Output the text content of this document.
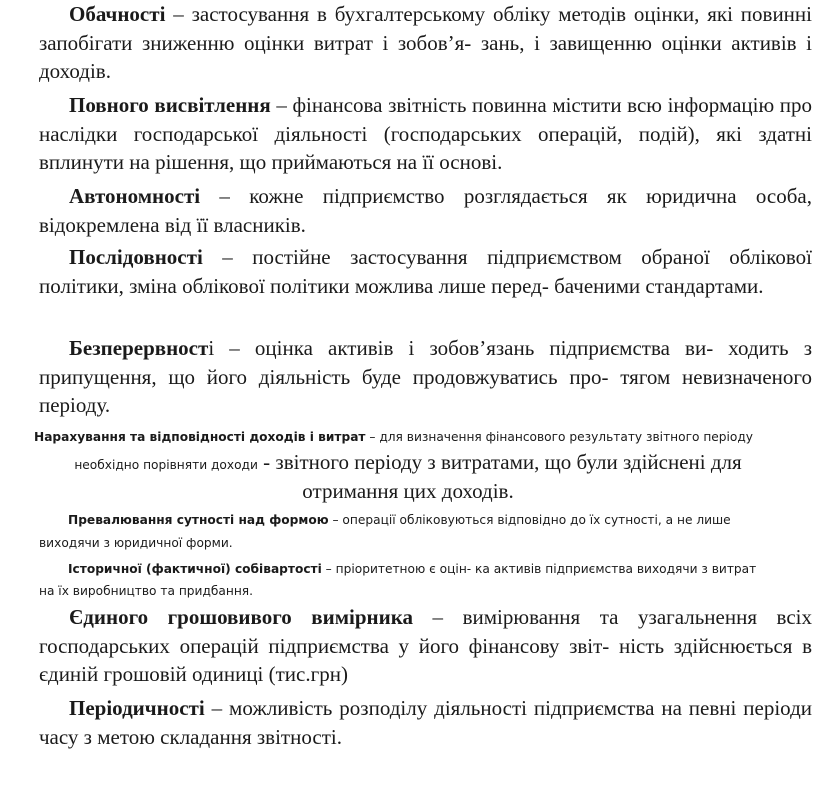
Обачності – застосування в бухгалтерському обліку методів оцінки, які повинні запобігати зниженню оцінки витрат і зобов’я- зань, і завищенню оцінки активів і доходів.

Повного висвітлення – фінансова звітність повинна містити всю інформацію про наслідки господарської діяльності (господарських операцій, подій), які здатні вплинути на рішення, що приймаються на її основі.

Автономності – кожне підприємство розглядається як юридична особа, відокремлена від її власників.

Послідовності – постійне застосування підприємством обраної облікової політики, зміна облікової політики можлива лише перед- баченими стандартами.

Безперервності – оцінка активів і зобов’язань підприємства ви- ходить з припущення, що його діяльність буде продовжуватись про- тягом невизначеного періоду.

Нарахування та відповідності доходів і витрат – для визначення фінансового результату звітного періоду
необхідно порівняти доходи - звітного періоду з витратами, що були здійснені для
отримання цих доходів.
Превалювання сутності над формою – операції обліковуються відповідно до їх сутності, а не лише
виходячи з юридичної форми.
Історичної (фактичної) собівартості – пріоритетною є оцін- ка активів підприємства виходячи з витрат
на їх виробництво та придбання.

Єдиного грошовивого вимірника – вимірювання та узагальнення всіх господарських операцій підприємства у його фінансову звіт- ність здійснюється в єдиній грошовій одиниці (тис.грн)

Періодичності – можливість розподілу діяльності підприємства на певні періоди часу з метою складання звітності.
